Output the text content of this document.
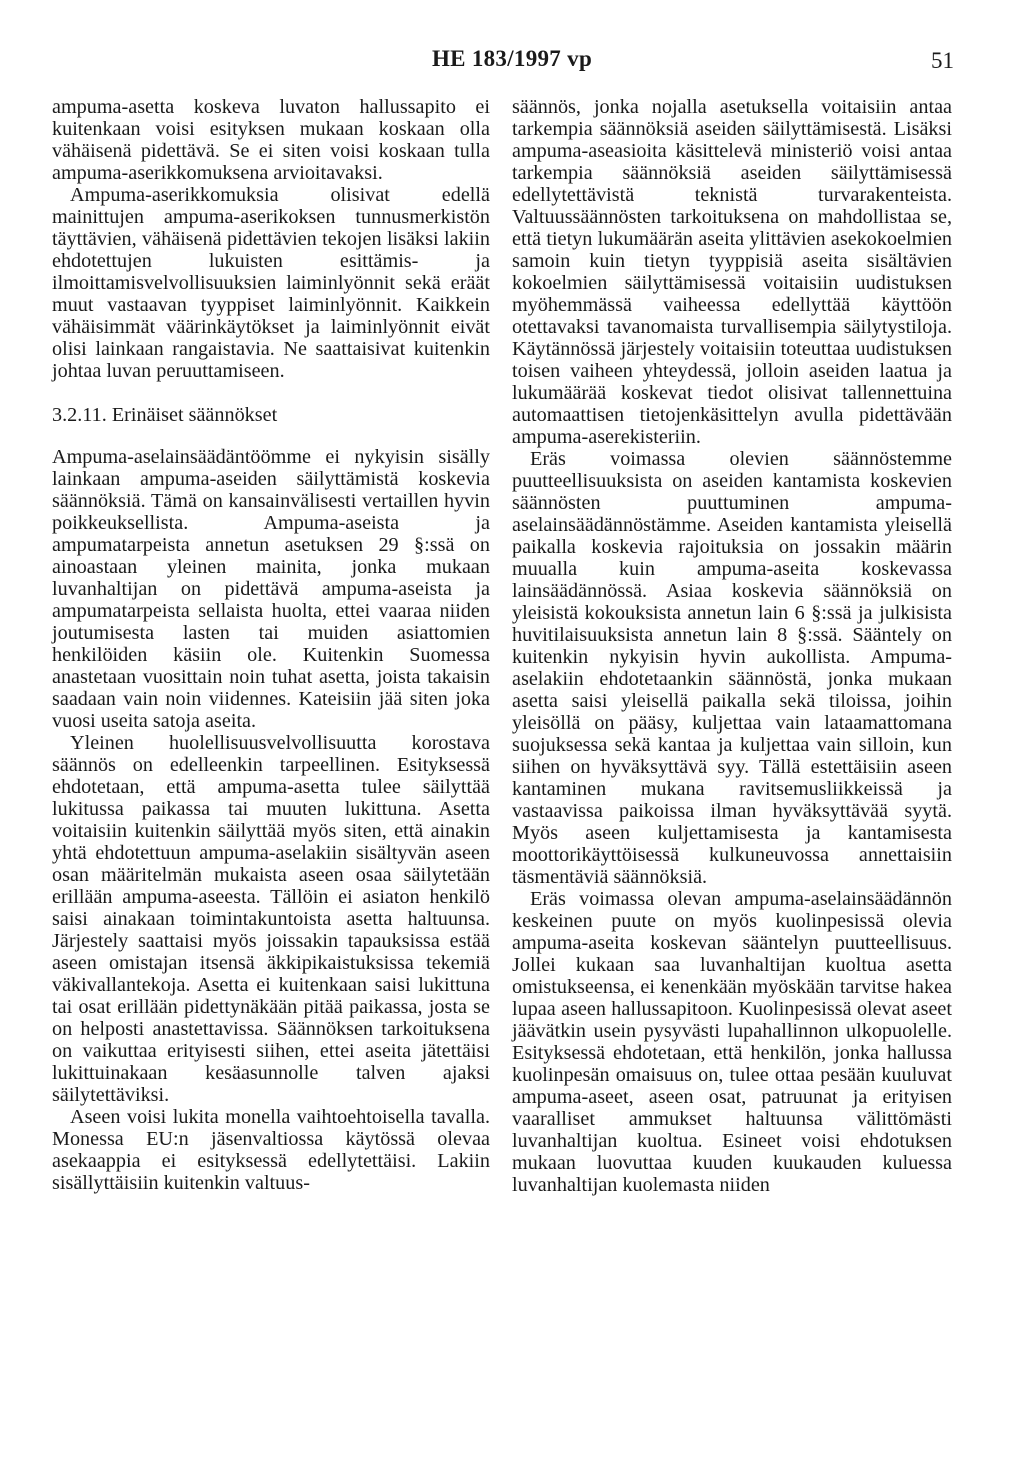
HE 183/1997 vp	51

ampuma-asetta koskeva luvaton hallussapito ei kuitenkaan voisi esityksen mukaan koskaan olla vähäisenä pidettävä. Se ei siten voisi koskaan tulla ampuma-aserikkomuksena arvioitavaksi.

Ampuma-aserikkomuksia olisivat edellä mainittujen ampuma-aserikoksen tunnusmerkistön täyttävien, vähäisenä pidettävien tekojen lisäksi lakiin ehdotettujen lukuisten esittämis- ja ilmoittamisvelvollisuuksien laiminlyönnit sekä eräät muut vastaavan tyyppiset laiminlyönnit. Kaikkein vähäisimmät väärinkäytökset ja laiminlyönnit eivät olisi lainkaan rangaistavia. Ne saattaisivat kuitenkin johtaa luvan peruuttamiseen.

3.2.11. Erinäiset säännökset

Ampuma-aselainsäädäntöömme ei nykyisin sisälly lainkaan ampuma-aseiden säilyttämistä koskevia säännöksiä. Tämä on kansainvälisesti vertaillen hyvin poikkeuksellista. Ampuma-aseista ja ampumatarpeista annetun asetuksen 29 §:ssä on ainoastaan yleinen mainita, jonka mukaan luvanhaltijan on pidettävä ampuma-aseista ja ampumatarpeista sellaista huolta, ettei vaaraa niiden joutumisesta lasten tai muiden asiattomien henkilöiden käsiin ole. Kuitenkin Suomessa anastetaan vuosittain noin tuhat asetta, joista takaisin saadaan vain noin viidennes. Kateisiin jää siten joka vuosi useita satoja aseita.

Yleinen huolellisuusvelvollisuutta korostava säännös on edelleenkin tarpeellinen. Esityksessä ehdotetaan, että ampuma-asetta tulee säilyttää lukitussa paikassa tai muuten lukittuna. Asetta voitaisiin kuitenkin säilyttää myös siten, että ainakin yhtä ehdotettuun ampuma-aselakiin sisältyvän aseen osan määritelmän mukaista aseen osaa säilytetään erillään ampuma-aseesta. Tällöin ei asiaton henkilö saisi ainakaan toimintakuntoista asetta haltuunsa. Järjestely saattaisi myös joissakin tapauksissa estää aseen omistajan itsensä äkkipikaistuksissa tekemiä väkivallantekoja. Asetta ei kuitenkaan saisi lukittuna tai osat erillään pidettynäkään pitää paikassa, josta se on helposti anastettavissa. Säännöksen tarkoituksena on vaikuttaa erityisesti siihen, ettei aseita jätettäisi lukittuinakaan kesäasunnolle talven ajaksi säilytettäviksi.

Aseen voisi lukita monella vaihtoehtoisella tavalla. Monessa EU:n jäsenvaltiossa käytössä olevaa asekaappia ei esityksessä edellytettäisi. Lakiin sisällyttäisiin kuitenkin valtuus-

säännös, jonka nojalla asetuksella voitaisiin antaa tarkempia säännöksiä aseiden säilyttämisestä. Lisäksi ampuma-aseasioita käsittelevä ministeriö voisi antaa tarkempia säännöksiä aseiden säilyttämisessä edellytettävistä teknistä turvarakenteista. Valtuussäännösten tarkoituksena on mahdollistaa se, että tietyn lukumäärän aseita ylittävien asekokoelmien samoin kuin tietyn tyyppisiä aseita sisältävien kokoelmien säilyttämisessä voitaisiin uudistuksen myöhemmässä vaiheessa edellyttää käyttöön otettavaksi tavanomaista turvallisempia säilytystiloja. Käytännössä järjestely voitaisiin toteuttaa uudistuksen toisen vaiheen yhteydessä, jolloin aseiden laatua ja lukumäärää koskevat tiedot olisivat tallennettuina automaattisen tietojenkäsittelyn avulla pidettävään ampuma-aserekisteriin.

Eräs voimassa olevien säännöstemme puutteellisuuksista on aseiden kantamista koskevien säännösten puuttuminen ampuma-aselainsäädännöstämme. Aseiden kantamista yleisellä paikalla koskevia rajoituksia on jossakin määrin muualla kuin ampuma-aseita koskevassa lainsäädännössä. Asiaa koskevia säännöksiä on yleisistä kokouksista annetun lain 6 §:ssä ja julkisista huvitilaisuuksista annetun lain 8 §:ssä. Sääntely on kuitenkin nykyisin hyvin aukollista. Ampuma-aselakiin ehdotetaankin säännöstä, jonka mukaan asetta saisi yleisellä paikalla sekä tiloissa, joihin yleisöllä on pääsy, kuljettaa vain lataamattomana suojuksessa sekä kantaa ja kuljettaa vain silloin, kun siihen on hyväksyttävä syy. Tällä estettäisiin aseen kantaminen mukana ravitsemusliikkeissä ja vastaavissa paikoissa ilman hyväksyttävää syytä. Myös aseen kuljettamisesta ja kantamisesta moottorikäyttöisessä kulkuneuvossa annettaisiin täsmentäviä säännöksiä.

Eräs voimassa olevan ampuma-aselainsäädännön keskeinen puute on myös kuolinpesissä olevia ampuma-aseita koskevan sääntelyn puutteellisuus. Jollei kukaan saa luvanhaltijan kuoltua asetta omistukseensa, ei kenenkään myöskään tarvitse hakea lupaa aseen hallussapitoon. Kuolinpesissä olevat aseet jäävätkin usein pysyvästi lupahallinnon ulkopuolelle. Esityksessä ehdotetaan, että henkilön, jonka hallussa kuolinpesän omaisuus on, tulee ottaa pesään kuuluvat ampuma-aseet, aseen osat, patruunat ja erityisen vaaralliset ammukset haltuunsa välittömästi luvanhaltijan kuoltua. Esineet voisi ehdotuksen mukaan luovuttaa kuuden kuukauden kuluessa luvanhaltijan kuolemasta niiden
